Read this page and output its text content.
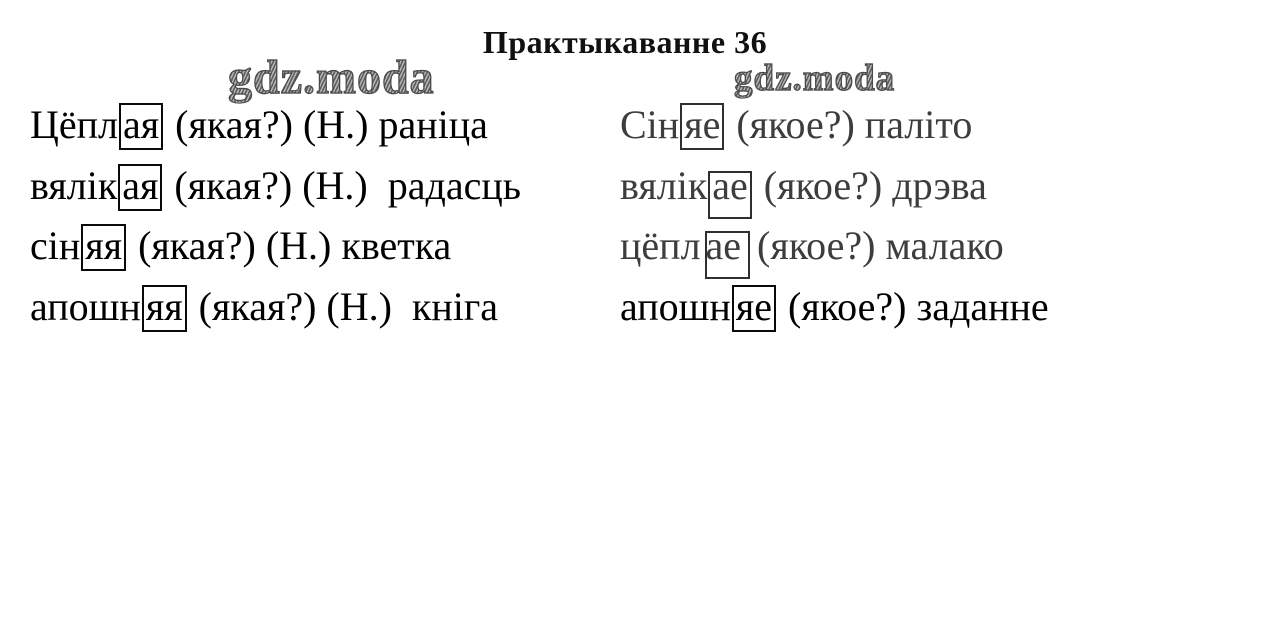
Практыкаванне 36
gdz.moda	gdz.moda
Цёпл ая (якая?) (Н.) раніца
вялік ая (якая?) (Н.)  радасць
сін яя (якая?) (Н.) кветка
апошн яя (якая?) (Н.)  кніга
Сін яе (якое?) паліто
вялік ае (якое?) дрэва
цёпл ае (якое?) малако
апошн яе (якое?) заданне
